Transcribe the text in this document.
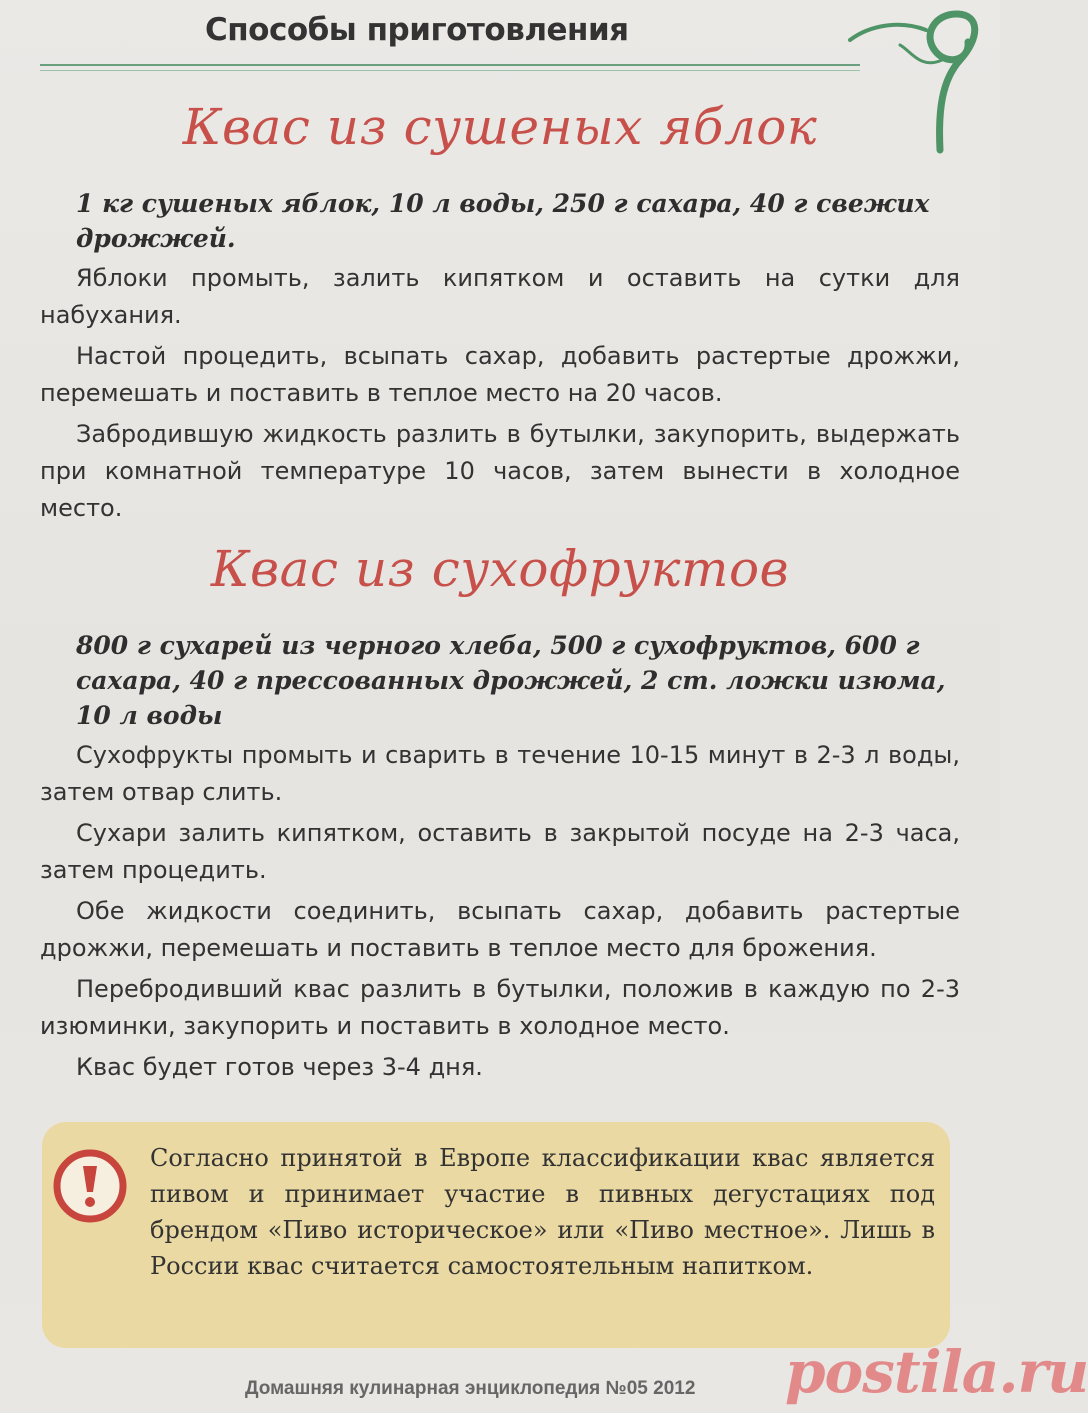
Способы приготовления
Квас из сушеных яблок

1 кг сушеных яблок, 10 л воды, 250 г сахара, 40 г свежих дрожжей.

Яблоки промыть, залить кипятком и оставить на сутки для набухания.

Настой процедить, всыпать сахар, добавить растертые дрожжи, перемешать и поставить в теплое место на 20 часов.

Забродившую жидкость разлить в бутылки, закупорить, выдержать при комнатной температуре 10 часов, затем вынести в холодное место.

Квас из сухофруктов

800 г сухарей из черного хлеба, 500 г сухофруктов, 600 г сахара, 40 г прессованных дрожжей, 2 ст. ложки изюма, 10 л воды

Сухофрукты промыть и сварить в течение 10-15 минут в 2-3 л воды, затем отвар слить.

Сухари залить кипятком, оставить в закрытой посуде на 2-3 часа, затем процедить.

Обе жидкости соединить, всыпать сахар, добавить растертые дрожжи, перемешать и поставить в теплое место для брожения.

Перебродивший квас разлить в бутылки, положив в каждую по 2-3 изюминки, закупорить и поставить в холодное место.

Квас будет готов через 3-4 дня.

Согласно принятой в Европе классификации квас является пивом и принимает участие в пивных дегустациях под брендом «Пиво историческое» или «Пиво местное». Лишь в России квас считается самостоятельным напитком.

Домашняя кулинарная энциклопедия №05 2012 postila.ru
